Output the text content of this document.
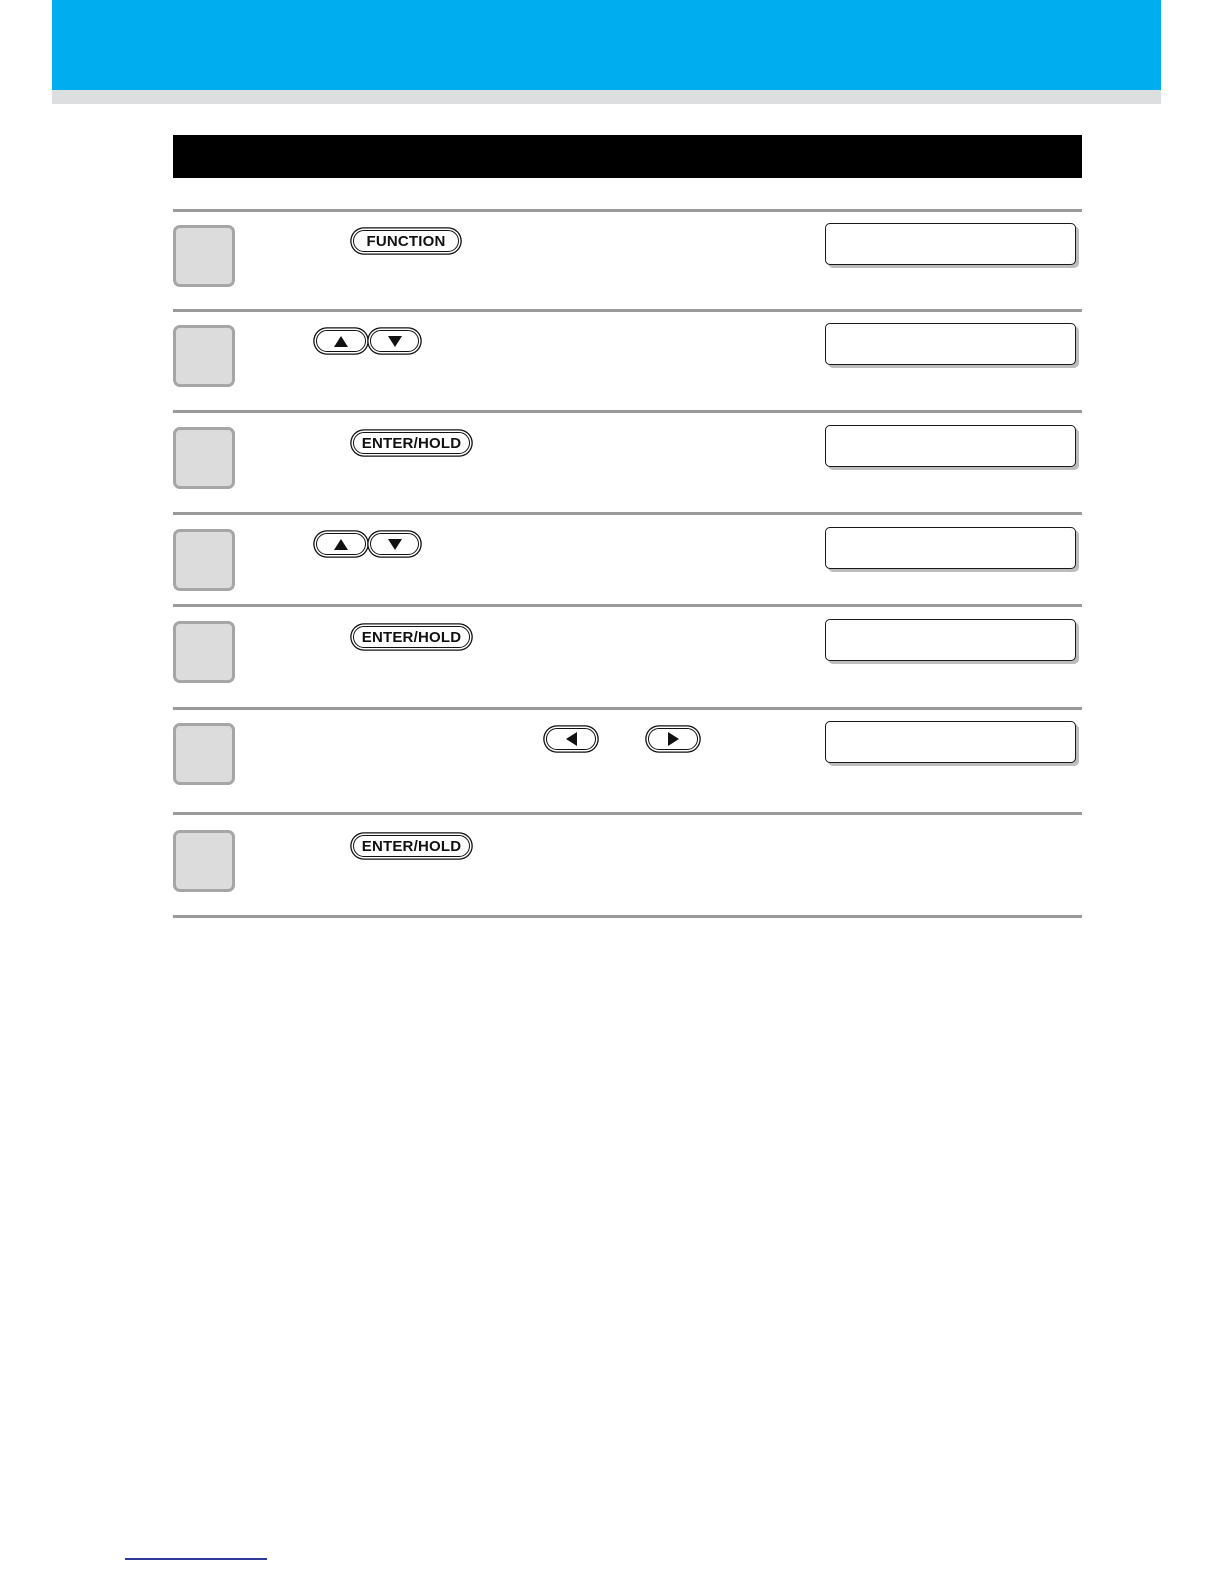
FUNCTION
ENTER/HOLD
ENTER/HOLD
ENTER/HOLD
